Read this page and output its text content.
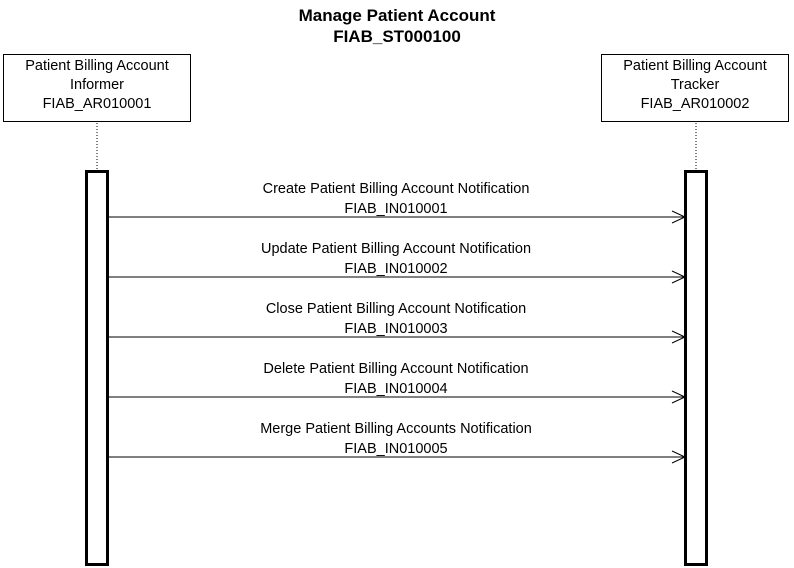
Manage Patient Account
FIAB_ST000100
Patient Billing Account
Informer
FIAB_AR010001
Patient Billing Account
Tracker
FIAB_AR010002
Create Patient Billing Account Notification
FIAB_IN010001
Update Patient Billing Account Notification
FIAB_IN010002
Close Patient Billing Account Notification
FIAB_IN010003
Delete Patient Billing Account Notification
FIAB_IN010004
Merge Patient Billing Accounts Notification
FIAB_IN010005
